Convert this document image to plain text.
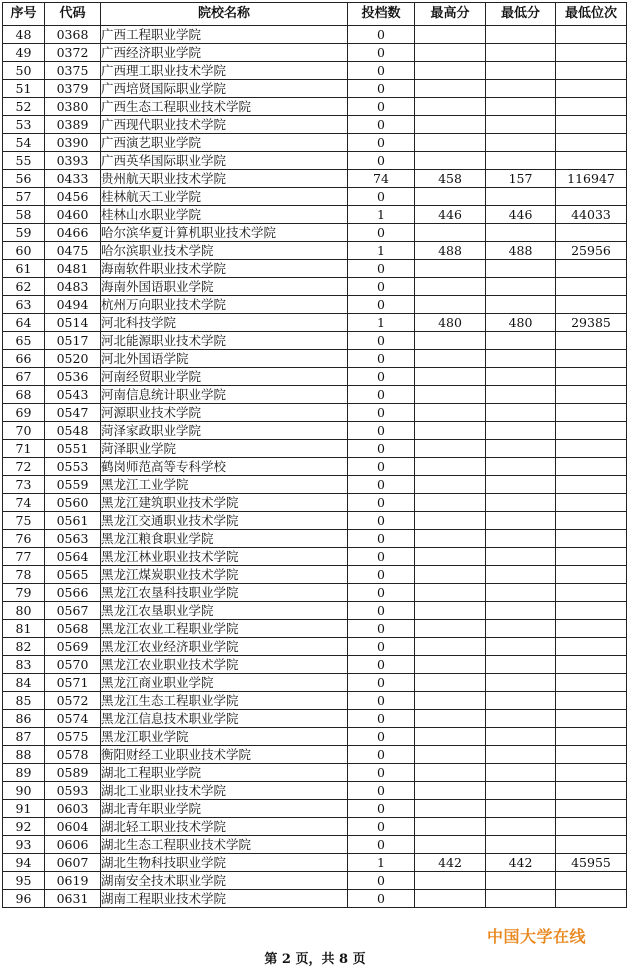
序号	代码	院校名称	投档数	最高分	最低分	最低位次
48	0368	广西工程职业学院	0			
49	0372	广西经济职业学院	0			
50	0375	广西理工职业技术学院	0			
51	0379	广西培贤国际职业学院	0			
52	0380	广西生态工程职业技术学院	0			
53	0389	广西现代职业技术学院	0			
54	0390	广西演艺职业学院	0			
55	0393	广西英华国际职业学院	0			
56	0433	贵州航天职业技术学院	74	458	157	116947
57	0456	桂林航天工业学院	0			
58	0460	桂林山水职业学院	1	446	446	44033
59	0466	哈尔滨华夏计算机职业技术学院	0			
60	0475	哈尔滨职业技术学院	1	488	488	25956
61	0481	海南软件职业技术学院	0			
62	0483	海南外国语职业学院	0			
63	0494	杭州万向职业技术学院	0			
64	0514	河北科技学院	1	480	480	29385
65	0517	河北能源职业技术学院	0			
66	0520	河北外国语学院	0			
67	0536	河南经贸职业学院	0			
68	0543	河南信息统计职业学院	0			
69	0547	河源职业技术学院	0			
70	0548	菏泽家政职业学院	0			
71	0551	菏泽职业学院	0			
72	0553	鹤岗师范高等专科学校	0			
73	0559	黑龙江工业学院	0			
74	0560	黑龙江建筑职业技术学院	0			
75	0561	黑龙江交通职业技术学院	0			
76	0563	黑龙江粮食职业学院	0			
77	0564	黑龙江林业职业技术学院	0			
78	0565	黑龙江煤炭职业技术学院	0			
79	0566	黑龙江农垦科技职业学院	0			
80	0567	黑龙江农垦职业学院	0			
81	0568	黑龙江农业工程职业学院	0			
82	0569	黑龙江农业经济职业学院	0			
83	0570	黑龙江农业职业技术学院	0			
84	0571	黑龙江商业职业学院	0			
85	0572	黑龙江生态工程职业学院	0			
86	0574	黑龙江信息技术职业学院	0			
87	0575	黑龙江职业学院	0			
88	0578	衡阳财经工业职业技术学院	0			
89	0589	湖北工程职业学院	0			
90	0593	湖北工业职业技术学院	0			
91	0603	湖北青年职业学院	0			
92	0604	湖北轻工职业技术学院	0			
93	0606	湖北生态工程职业技术学院	0			
94	0607	湖北生物科技职业学院	1	442	442	45955
95	0619	湖南安全技术职业学院	0			
96	0631	湖南工程职业技术学院	0			
中国大学在线
第 2 页，共 8 页
